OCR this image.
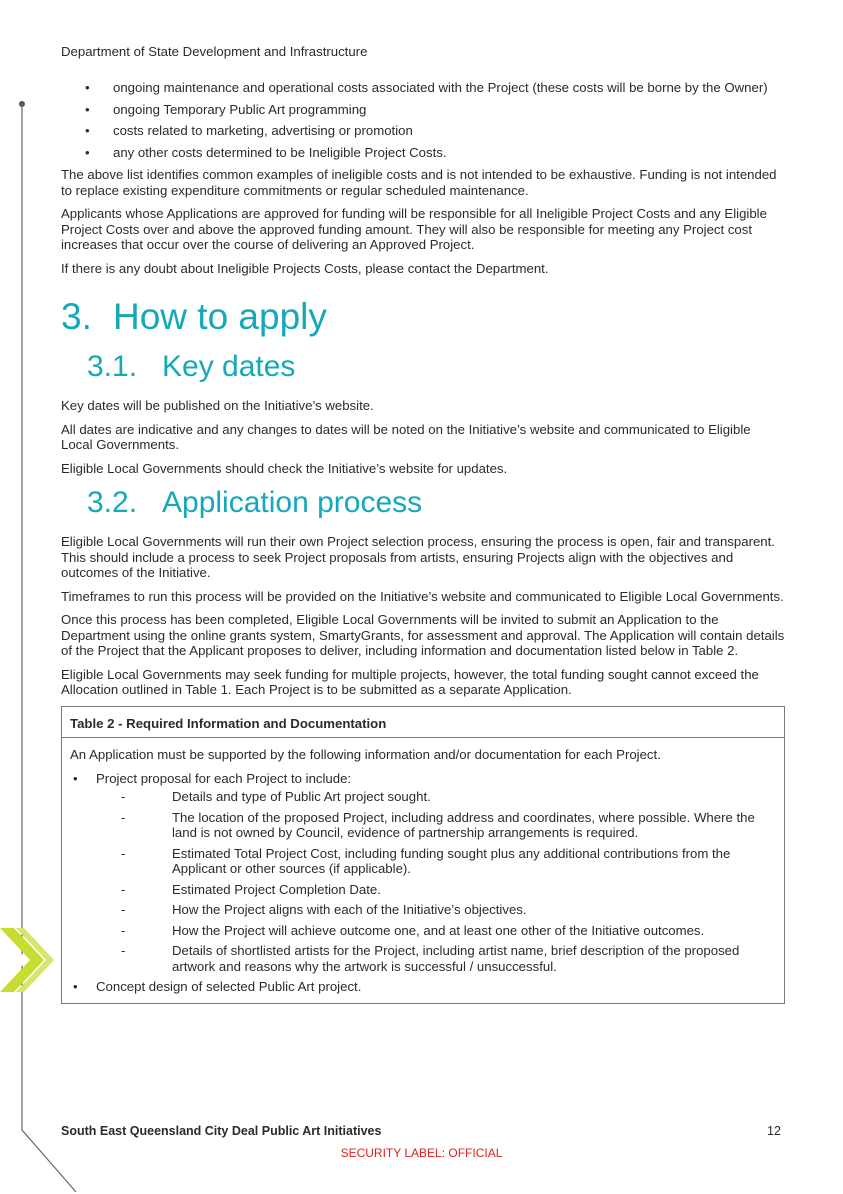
Department of State Development and Infrastructure
• ongoing maintenance and operational costs associated with the Project (these costs will be borne by the Owner)
• ongoing Temporary Public Art programming
• costs related to marketing, advertising or promotion
• any other costs determined to be Ineligible Project Costs.

The above list identifies common examples of ineligible costs and is not intended to be exhaustive. Funding is not intended to replace existing expenditure commitments or regular scheduled maintenance.

Applicants whose Applications are approved for funding will be responsible for all Ineligible Project Costs and any Eligible Project Costs over and above the approved funding amount. They will also be responsible for meeting any Project cost increases that occur over the course of delivering an Approved Project.

If there is any doubt about Ineligible Projects Costs, please contact the Department.

3. How to apply
3.1. Key dates

Key dates will be published on the Initiative’s website.

All dates are indicative and any changes to dates will be noted on the Initiative’s website and communicated to Eligible Local Governments.

Eligible Local Governments should check the Initiative’s website for updates.

3.2. Application process

Eligible Local Governments will run their own Project selection process, ensuring the process is open, fair and transparent. This should include a process to seek Project proposals from artists, ensuring Projects align with the objectives and outcomes of the Initiative.

Timeframes to run this process will be provided on the Initiative’s website and communicated to Eligible Local Governments.

Once this process has been completed, Eligible Local Governments will be invited to submit an Application to the Department using the online grants system, SmartyGrants, for assessment and approval. The Application will contain details of the Project that the Applicant proposes to deliver, including information and documentation listed below in Table 2.

Eligible Local Governments may seek funding for multiple projects, however, the total funding sought cannot exceed the Allocation outlined in Table 1. Each Project is to be submitted as a separate Application.

Table 2 - Required Information and Documentation

An Application must be supported by the following information and/or documentation for each Project.

• Project proposal for each Project to include:
- Details and type of Public Art project sought.
- The location of the proposed Project, including address and coordinates, where possible. Where the land is not owned by Council, evidence of partnership arrangements is required.
- Estimated Total Project Cost, including funding sought plus any additional contributions from the Applicant or other sources (if applicable).
- Estimated Project Completion Date.
- How the Project aligns with each of the Initiative’s objectives.
- How the Project will achieve outcome one, and at least one other of the Initiative outcomes.
- Details of shortlisted artists for the Project, including artist name, brief description of the proposed artwork and reasons why the artwork is successful / unsuccessful.
• Concept design of selected Public Art project.
South East Queensland City Deal Public Art Initiatives	12
SECURITY LABEL: OFFICIAL
